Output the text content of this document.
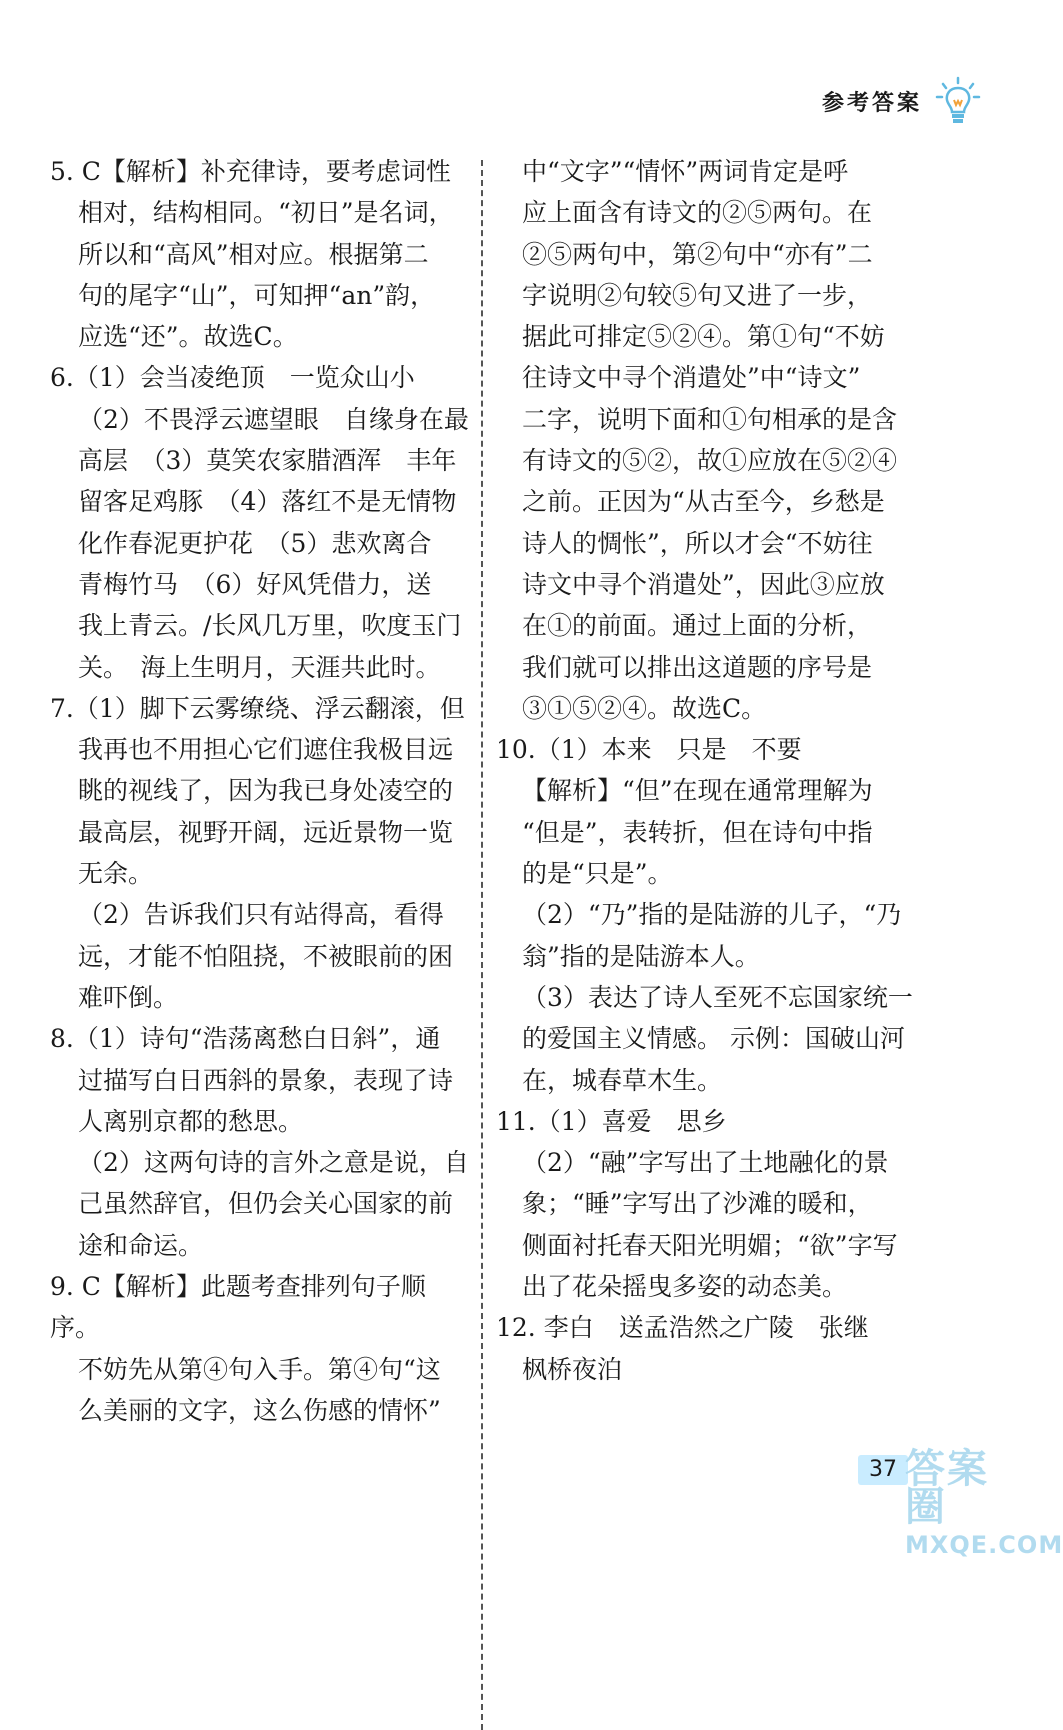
参考答案
5. C【解析】补充律诗，要考虑词性
相对，结构相同。“初日”是名词，
所以和“高风”相对应。根据第二
句的尾字“山”，可知押“an”韵，
应选“还”。故选C。
6.（1）会当凌绝顶　一览众山小
（2）不畏浮云遮望眼　自缘身在最
高层　（3）莫笑农家腊酒浑　丰年
留客足鸡豚　（4）落红不是无情物
化作春泥更护花　（5）悲欢离合
青梅竹马　（6）好风凭借力，送
我上青云。/长风几万里，吹度玉门
关。　海上生明月，天涯共此时。
7.（1）脚下云雾缭绕、浮云翻滚，但
我再也不用担心它们遮住我极目远
眺的视线了，因为我已身处凌空的
最高层，视野开阔，远近景物一览
无余。
（2）告诉我们只有站得高，看得
远，才能不怕阻挠，不被眼前的困
难吓倒。
8.（1）诗句“浩荡离愁白日斜”，通
过描写白日西斜的景象，表现了诗
人离别京都的愁思。
（2）这两句诗的言外之意是说，自
己虽然辞官，但仍会关心国家的前
途和命运。
9. C【解析】此题考查排列句子顺序。
不妨先从第④句入手。第④句“这
么美丽的文字，这么伤感的情怀”
中“文字”“情怀”两词肯定是呼
应上面含有诗文的②⑤两句。在
②⑤两句中，第②句中“亦有”二
字说明②句较⑤句又进了一步，
据此可排定⑤②④。第①句“不妨
往诗文中寻个消遣处”中“诗文”
二字，说明下面和①句相承的是含
有诗文的⑤②，故①应放在⑤②④
之前。正因为“从古至今，乡愁是
诗人的惆怅”，所以才会“不妨往
诗文中寻个消遣处”，因此③应放
在①的前面。通过上面的分析，
我们就可以排出这道题的序号是
③①⑤②④。故选C。
10.（1）本来　只是　不要
【解析】“但”在现在通常理解为
“但是”，表转折，但在诗句中指
的是“只是”。
（2）“乃”指的是陆游的儿子，“乃
翁”指的是陆游本人。
（3）表达了诗人至死不忘国家统一
的爱国主义情感。 示例：国破山河
在，城春草木生。
11.（1）喜爱　思乡
（2）“融”字写出了土地融化的景
象；“睡”字写出了沙滩的暖和，
侧面衬托春天阳光明媚；“欲”字写
出了花朵摇曳多姿的动态美。
12. 李白　送孟浩然之广陵　张继
枫桥夜泊
37 答案圈
MXQE.COM
